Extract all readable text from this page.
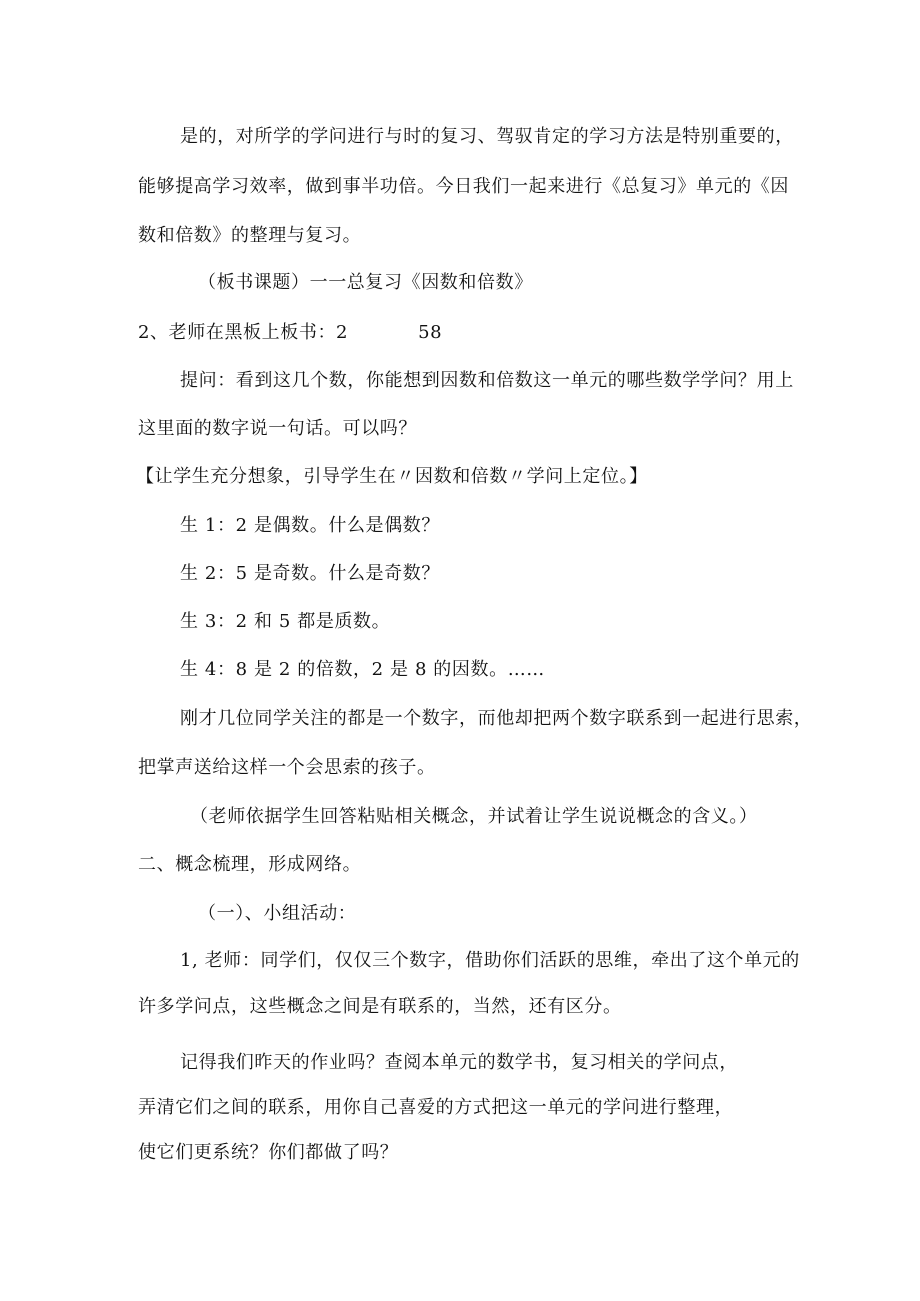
是的，对所学的学问进行与时的复习、驾驭肯定的学习方法是特别重要的，
能够提高学习效率，做到事半功倍。今日我们一起来进行《总复习》单元的《因
数和倍数》的整理与复习。
（板书课题）一一总复习《因数和倍数》
2、老师在黑板上板书：2	58
提问：看到这几个数，你能想到因数和倍数这一单元的哪些数学学问？用上
这里面的数字说一句话。可以吗？
【让学生充分想象，引导学生在〃因数和倍数〃学问上定位。】
生 1：2 是偶数。什么是偶数？
生 2：5 是奇数。什么是奇数？
生 3：2 和 5 都是质数。
生 4：8 是 2 的倍数，2 是 8 的因数。……
刚才几位同学关注的都是一个数字，而他却把两个数字联系到一起进行思索，
把掌声送给这样一个会思索的孩子。
（老师依据学生回答粘贴相关概念，并试着让学生说说概念的含义。）
二、概念梳理，形成网络。
（一）、小组活动：
1, 老师：同学们，仅仅三个数字，借助你们活跃的思维，牵出了这个单元的
许多学问点，这些概念之间是有联系的，当然，还有区分。
记得我们昨天的作业吗？查阅本单元的数学书，复习相关的学问点，
弄清它们之间的联系，用你自己喜爱的方式把这一单元的学问进行整理，
使它们更系统？你们都做了吗？
